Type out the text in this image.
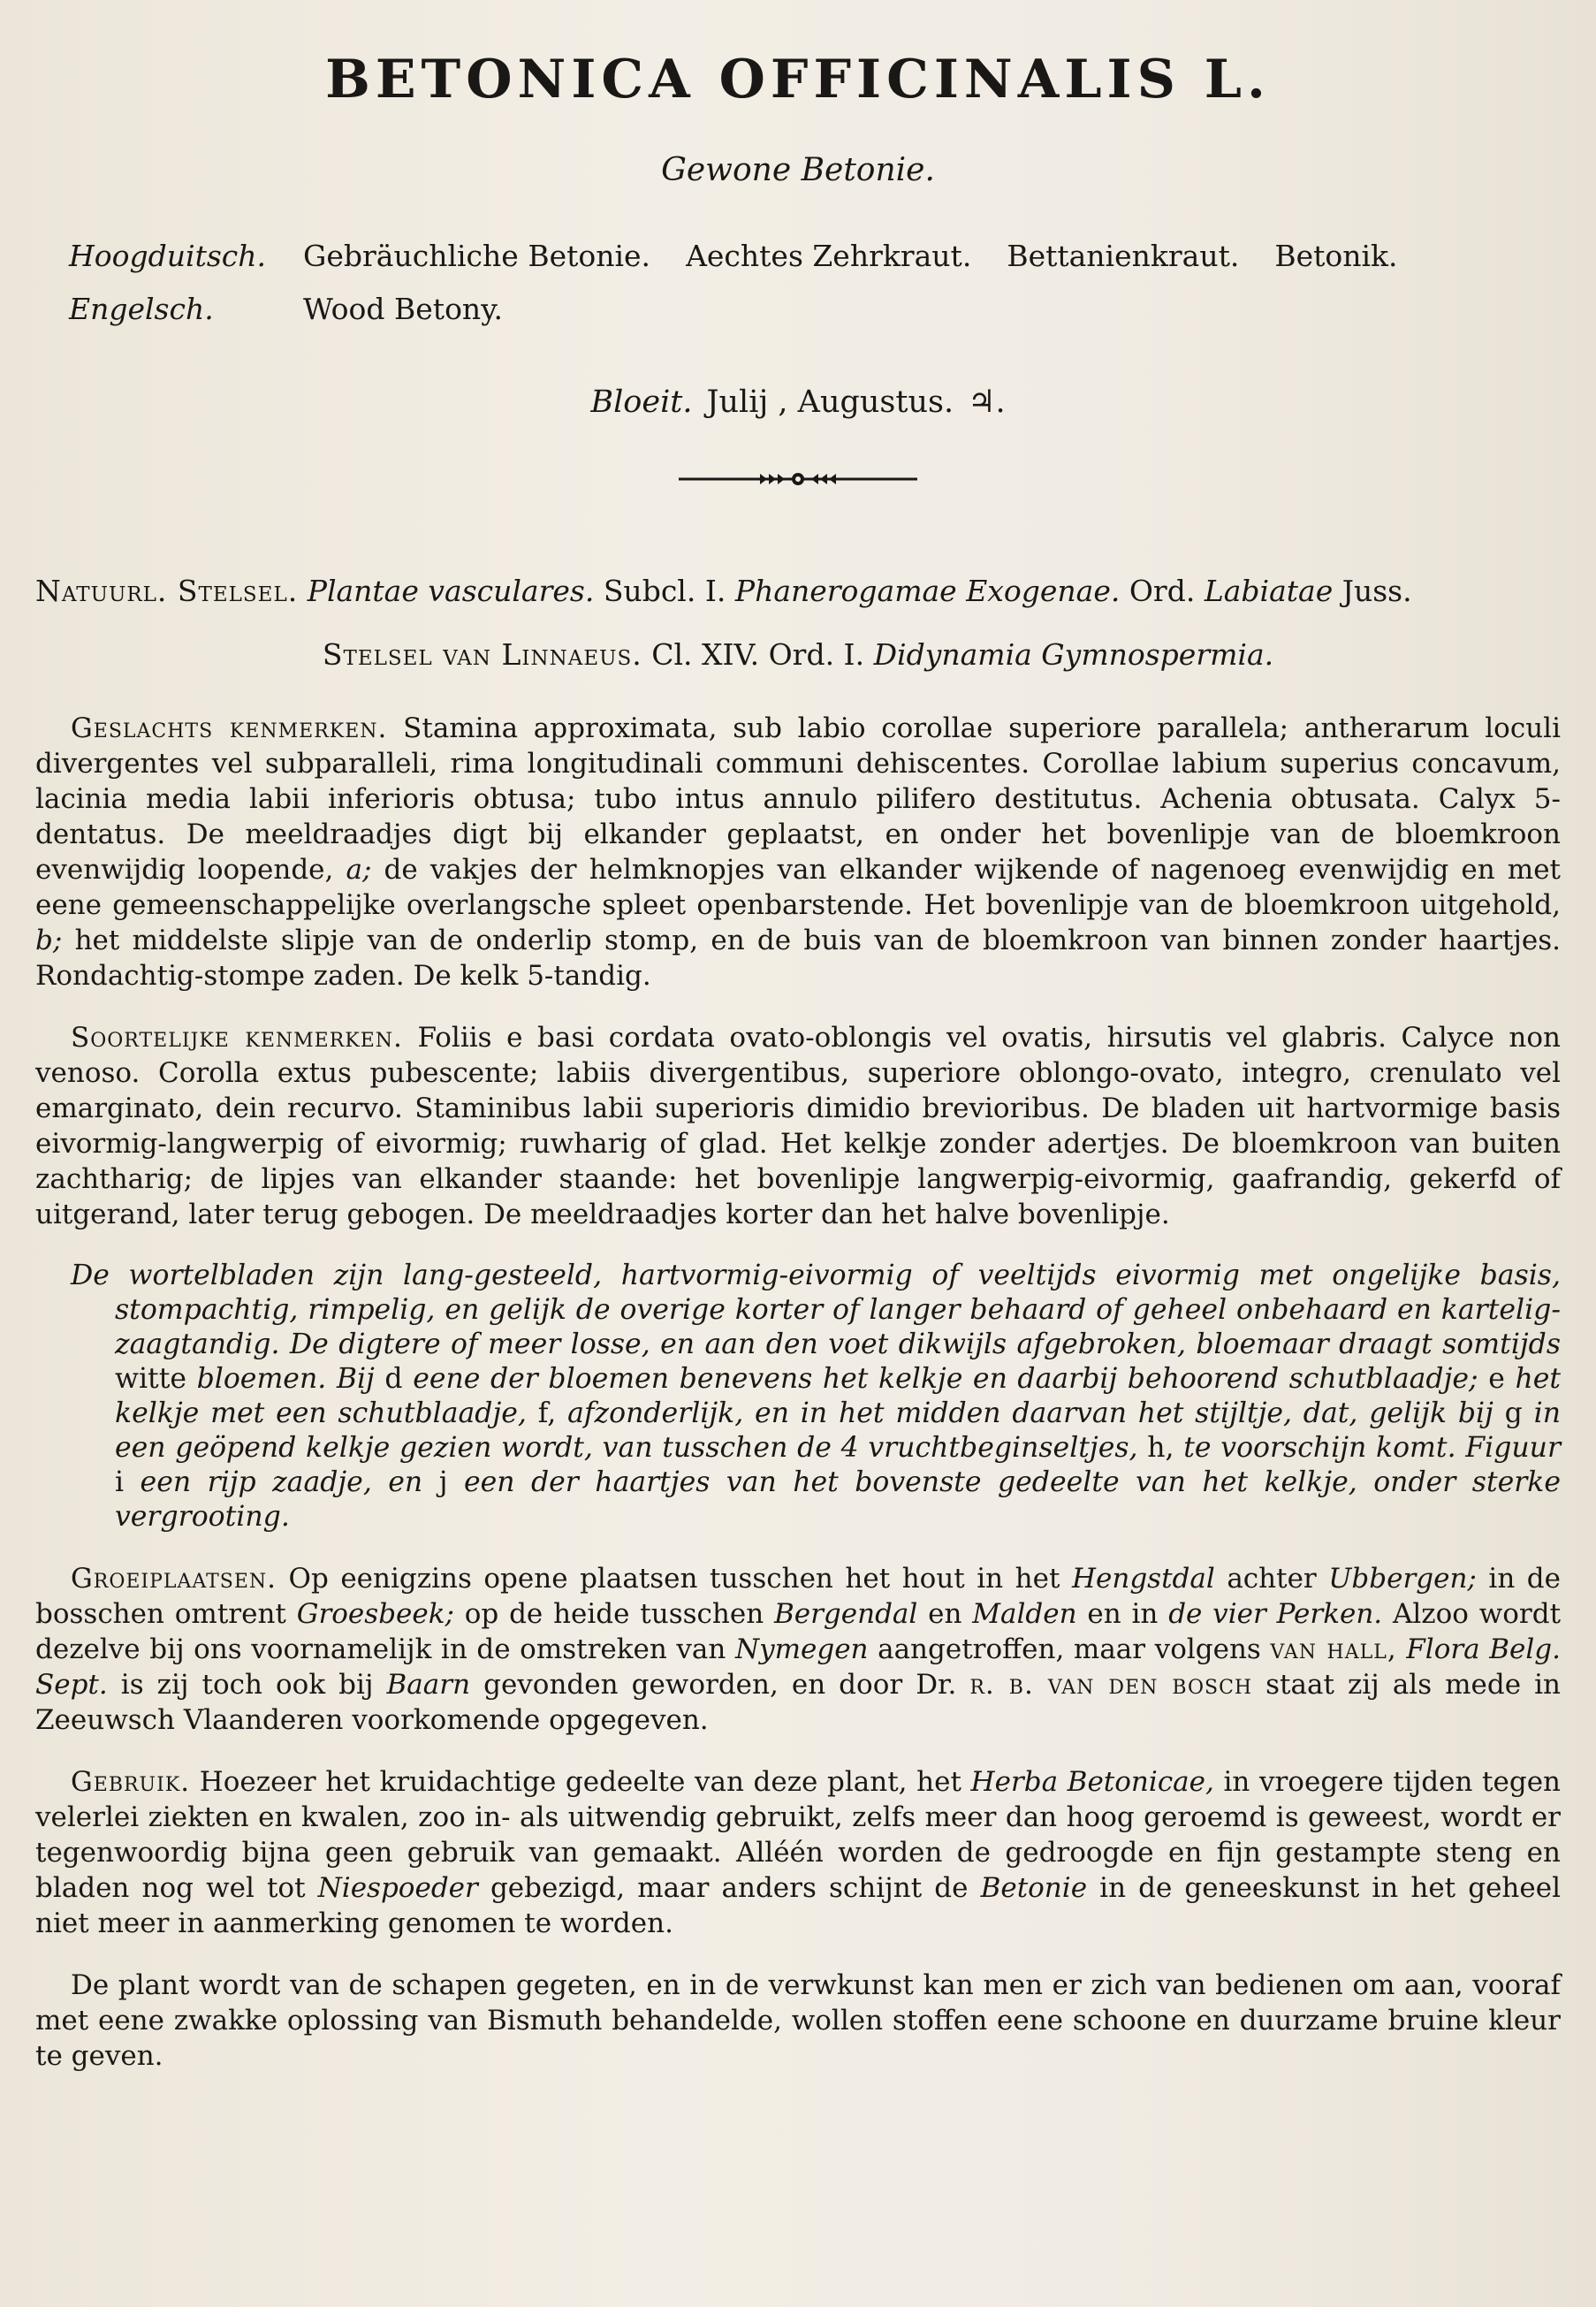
BETONICA OFFICINALIS L.
Gewone Betonie.
Hoogduitsch. Gebräuchliche Betonie. Aechtes Zehrkraut. Bettanienkraut. Betonik.
Engelsch.	Wood Betony.
Bloeit. Julij , Augustus. ♃.
Natuurl. Stelsel. Plantae vasculares. Subcl. I. Phanerogamae Exogenae. Ord. Labiatae Juss.
Stelsel van Linnaeus. Cl. XIV. Ord. I. Didynamia Gymnospermia.

Geslachts kenmerken. Stamina approximata, sub labio corollae superiore parallela; antherarum loculi divergentes vel subparalleli, rima longitudinali communi dehiscentes. Corollae labium superius concavum, lacinia media labii inferioris obtusa; tubo intus annulo pilifero destitutus. Achenia obtusata. Calyx 5-dentatus. De meeldraadjes digt bij elkander geplaatst, en onder het bovenlipje van de bloemkroon evenwijdig loopende, a; de vakjes der helmknopjes van elkander wijkende of nagenoeg evenwijdig en met eene gemeenschappelijke overlangsche spleet openbarstende. Het bovenlipje van de bloemkroon uitgehold, b; het middelste slipje van de onderlip stomp, en de buis van de bloemkroon van binnen zonder haartjes. Rondachtig-stompe zaden. De kelk 5-tandig.

Soortelijke kenmerken. Foliis e basi cordata ovato-oblongis vel ovatis, hirsutis vel glabris. Calyce non venoso. Corolla extus pubescente; labiis divergentibus, superiore oblongo-ovato, integro, crenulato vel emarginato, dein recurvo. Staminibus labii superioris dimidio brevioribus. De bladen uit hartvormige basis eivormig-langwerpig of eivormig; ruwharig of glad. Het kelkje zonder adertjes. De bloemkroon van buiten zachtharig; de lipjes van elkander staande: het bovenlipje langwerpig-eivormig, gaafrandig, gekerfd of uitgerand, later terug gebogen. De meeldraadjes korter dan het halve bovenlipje.

De wortelbladen zijn lang-gesteeld, hartvormig-eivormig of veeltijds eivormig met ongelijke basis, stompachtig, rimpelig, en gelijk de overige korter of langer behaard of geheel onbehaard en kartelig-zaagtandig. De digtere of meer losse, en aan den voet dikwijls afgebroken, bloemaar draagt somtijds witte bloemen. Bij d eene der bloemen benevens het kelkje en daarbij behoorend schutblaadje; e het kelkje met een schutblaadje, f, afzonderlijk, en in het midden daarvan het stijltje, dat, gelijk bij g in een geöpend kelkje gezien wordt, van tusschen de 4 vruchtbeginseltjes, h, te voorschijn komt. Figuur i een rijp zaadje, en j een der haartjes van het bovenste gedeelte van het kelkje, onder sterke vergrooting.

Groeiplaatsen. Op eenigzins opene plaatsen tusschen het hout in het Hengstdal achter Ubbergen; in de bosschen omtrent Groesbeek; op de heide tusschen Bergendal en Malden en in de vier Perken. Alzoo wordt dezelve bij ons voornamelijk in de omstreken van Nymegen aangetroffen, maar volgens van hall, Flora Belg. Sept. is zij toch ook bij Baarn gevonden geworden, en door Dr. r. b. van den bosch staat zij als mede in Zeeuwsch Vlaanderen voorkomende opgegeven.

Gebruik. Hoezeer het kruidachtige gedeelte van deze plant, het Herba Betonicae, in vroegere tijden tegen velerlei ziekten en kwalen, zoo in- als uitwendig gebruikt, zelfs meer dan hoog geroemd is geweest, wordt er tegenwoordig bijna geen gebruik van gemaakt. Alléén worden de gedroogde en fijn gestampte steng en bladen nog wel tot Niespoeder gebezigd, maar anders schijnt de Betonie in de geneeskunst in het geheel niet meer in aanmerking genomen te worden.

De plant wordt van de schapen gegeten, en in de verwkunst kan men er zich van bedienen om aan, vooraf met eene zwakke oplossing van Bismuth behandelde, wollen stoffen eene schoone en duurzame bruine kleur te geven.
